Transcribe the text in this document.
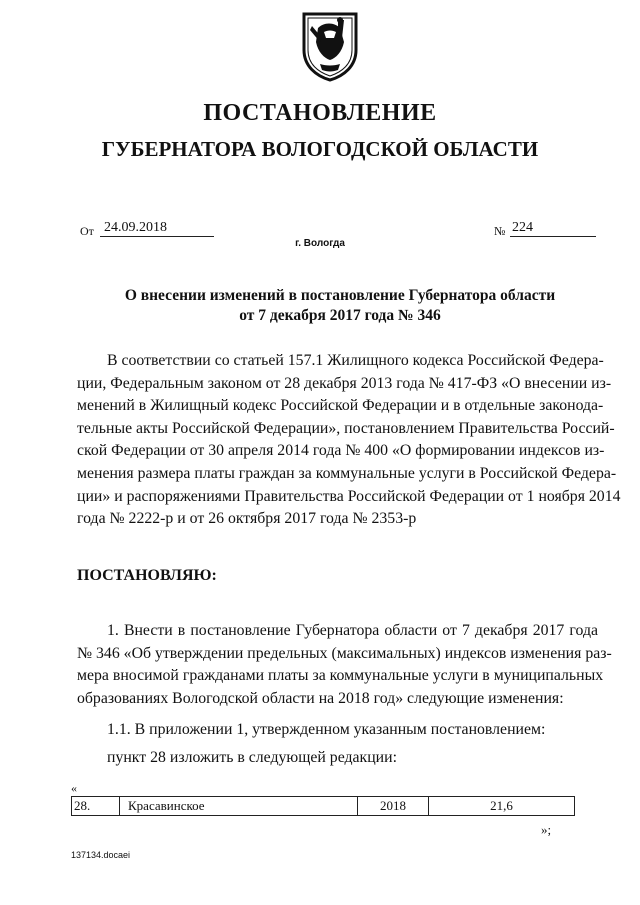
ПОСТАНОВЛЕНИЕ
ГУБЕРНАТОРА ВОЛОГОДСКОЙ ОБЛАСТИ
От 24.09.2018	№ 224
г. Вологда
О внесении изменений в постановление Губернатора области
от 7 декабря 2017 года № 346
В соответствии со статьей 157.1 Жилищного кодекса Российской Федера-
ции, Федеральным законом от 28 декабря 2013 года № 417-ФЗ «О внесении из-
менений в Жилищный кодекс Российской Федерации и в отдельные законода-
тельные акты Российской Федерации», постановлением Правительства Россий-
ской Федерации от 30 апреля 2014 года № 400 «О формировании индексов из-
менения размера платы граждан за коммунальные услуги в Российской Федера-
ции» и распоряжениями Правительства Российской Федерации от 1 ноября 2014
года № 2222-р и от 26 октября 2017 года № 2353-р
ПОСТАНОВЛЯЮ:
1. Внести в постановление Губернатора области от 7 декабря 2017 года
№ 346 «Об утверждении предельных (максимальных) индексов изменения раз-
мера вносимой гражданами платы за коммунальные услуги в муниципальных
образованиях Вологодской области на 2018 год» следующие изменения:
1.1. В приложении 1, утвержденном указанным постановлением:
пункт 28 изложить в следующей редакции:
«
28.	Красавинское	2018	21,6
»;
137134.docaei
